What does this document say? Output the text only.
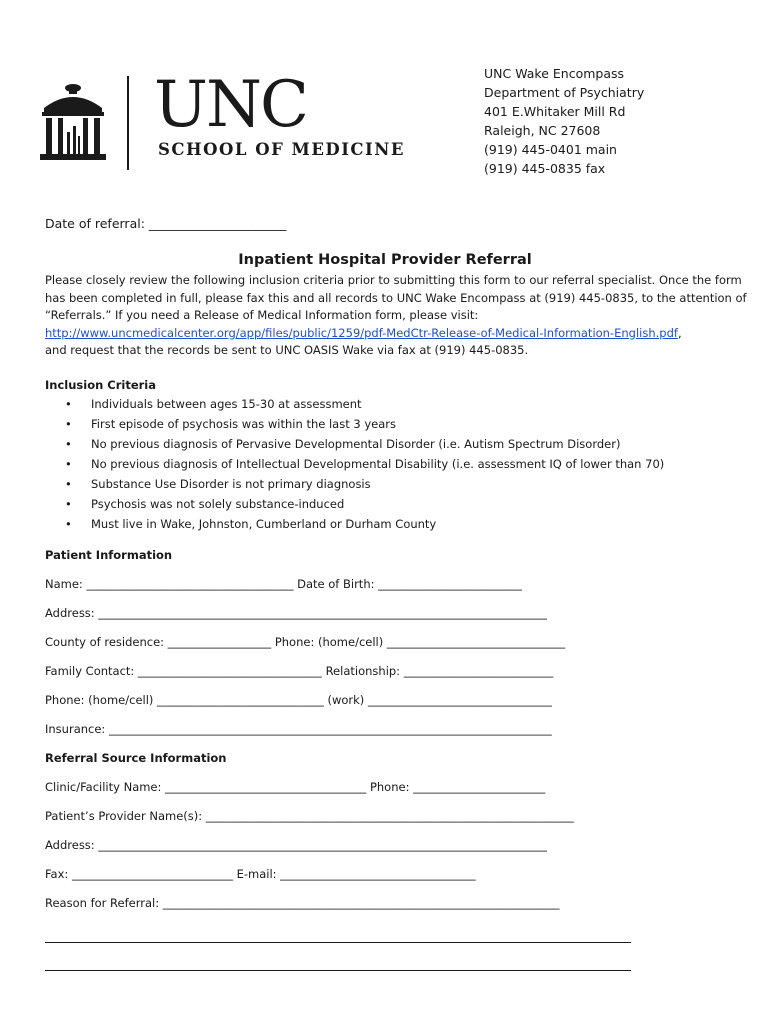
UNC
SCHOOL OF MEDICINE
UNC Wake Encompass
Department of Psychiatry
401 E.Whitaker Mill Rd
Raleigh, NC 27608
(919) 445-0401 main
(919) 445-0835 fax
Date of referral: ______________________
Inpatient Hospital Provider Referral
Please closely review the following inclusion criteria prior to submitting this form to our referral specialist. Once the form
has been completed in full, please fax this and all records to UNC Wake Encompass at (919) 445-0835, to the attention of
“Referrals.” If you need a Release of Medical Information form, please visit:
http://www.uncmedicalcenter.org/app/files/public/1259/pdf-MedCtr-Release-of-Medical-Information-English.pdf,
and request that the records be sent to UNC OASIS Wake via fax at (919) 445-0835.
Inclusion Criteria
• Individuals between ages 15-30 at assessment
• First episode of psychosis was within the last 3 years
• No previous diagnosis of Pervasive Developmental Disorder (i.e. Autism Spectrum Disorder)
• No previous diagnosis of Intellectual Developmental Disability (i.e. assessment IQ of lower than 70)
• Substance Use Disorder is not primary diagnosis
• Psychosis was not solely substance-induced
• Must live in Wake, Johnston, Cumberland or Durham County
Patient Information
Name: ____________________________________ Date of Birth: _________________________
Address: ______________________________________________________________________________
County of residence: __________________ Phone: (home/cell) _______________________________
Family Contact: ________________________________ Relationship: __________________________
Phone: (home/cell) _____________________________ (work) ________________________________
Insurance: _____________________________________________________________________________
Referral Source Information
Clinic/Facility Name: ___________________________________ Phone: _______________________
Patient’s Provider Name(s): ________________________________________________________________
Address: ______________________________________________________________________________
Fax: ____________________________ E-mail: __________________________________
Reason for Referral: _____________________________________________________________________
